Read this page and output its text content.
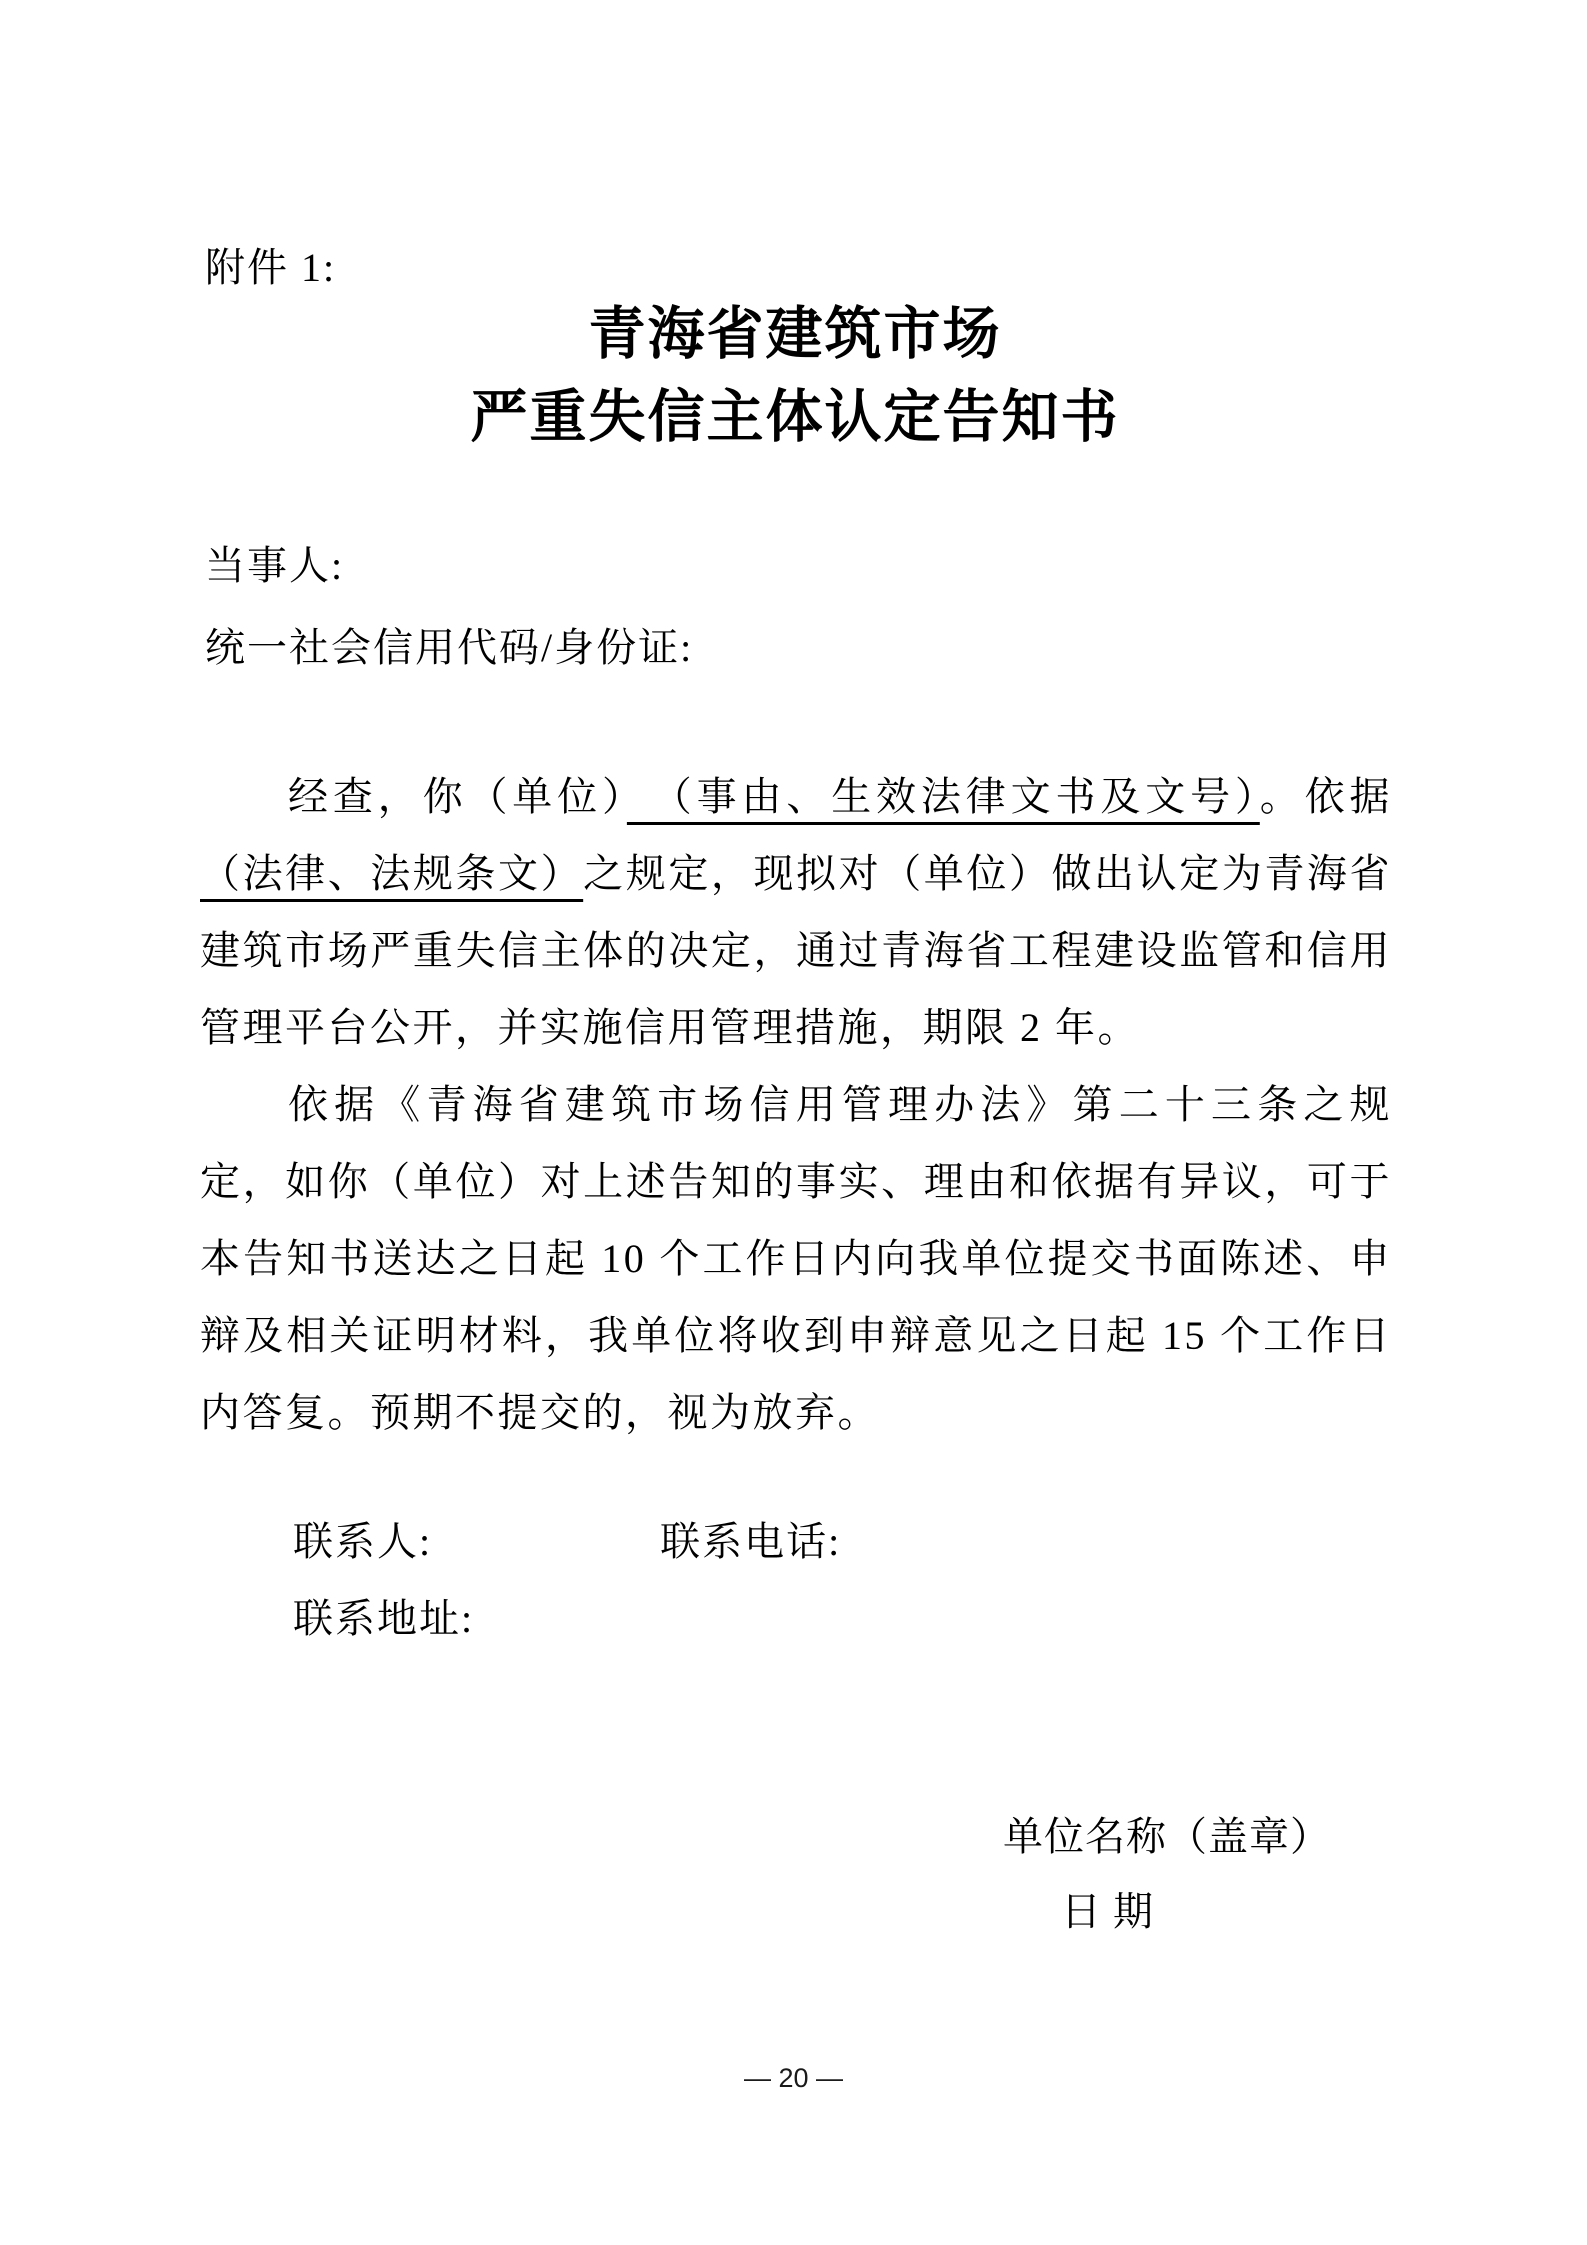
附件 1:
青海省建筑市场
严重失信主体认定告知书
当事人:
统一社会信用代码/身份证:

经查，你（单位）　（事由、生效法律文书及文号）。依据（法律、法规条文）之规定，现拟对（单位）做出认定为青海省建筑市场严重失信主体的决定，通过青海省工程建设监管和信用管理平台公开，并实施信用管理措施，期限 2 年。

依据《青海省建筑市场信用管理办法》第二十三条之规定，如你（单位）对上述告知的事实、理由和依据有异议，可于本告知书送达之日起 10 个工作日内向我单位提交书面陈述、申辩及相关证明材料，我单位将收到申辩意见之日起 15 个工作日内答复。预期不提交的，视为放弃。

联系人:	联系电话:
联系地址:
单位名称（盖章）
日 期
— 20 —
